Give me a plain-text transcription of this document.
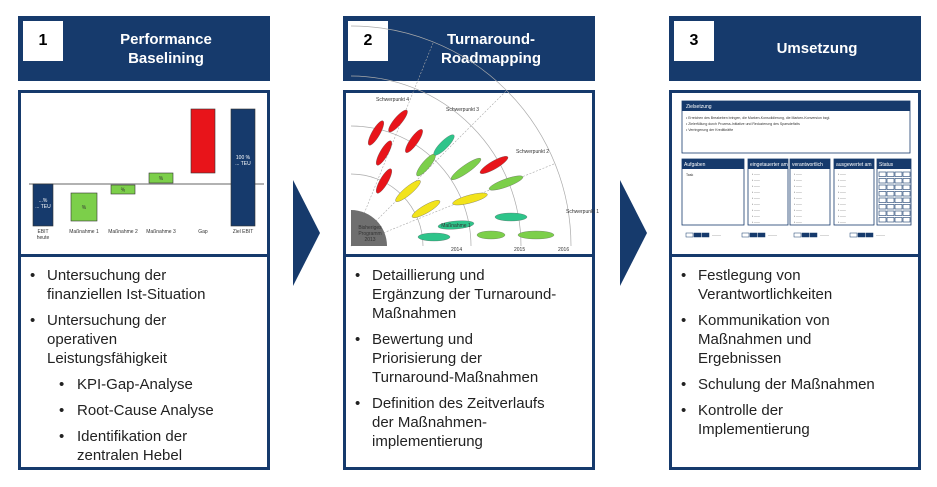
1	Performance
Baselining
...% ... TEU
EBIT heute
%
Maßnahme 1
%
Maßnahme 2
%
Maßnahme 3	Gap
100 % ... TEU
Ziel EBIT
• Untersuchung der
finanziellen Ist-Situation
• Untersuchung der
operativen
Leistungsfähigkeit
• KPI-Gap-Analyse
• Root-Cause Analyse
• Identifikation der
zentralen Hebel
2	Turnaround-
Roadmapping
Bisheriges Programm 2013
Schwerpunkt 4
Schwerpunkt 3
Schwerpunkt 2
Schwerpunkt 1
2014	2015	2016
Maßnahme 1
• Detaillierung und
Ergänzung der Turnaround-
Maßnahmen
• Bewertung und
Priorisierung der
Turnaround-Maßnahmen
• Definition des Zeitverlaufs
der Maßnahmen-
implementierung
3	Umsetzung
Zielsetzung
• Erreichen des Breakeben bringen, die Marken-Konsolidierung, die Marken-Konversion bzgl.
• Zielerfüllung durch Prozess-Initiative und Reduzierung des Sparsdefizits
• Verringerung der Kreditkräfte
Aufgaben	eingetauerter am
• ——
• ——
• ——
• ——
• ——
• ——
• ——
• ——
• ——
verantwortlich
• ——
• ——
• ——
• ——
• ——
• ——
• ——
• ——
• ——
ausgewertet am
• ——
• ——
• ——
• ——
• ——
• ——
• ——
• ——
• ——
Status
Task
———	———	———	———
• Festlegung von
Verantwortlichkeiten
• Kommunikation von
Maßnahmen und
Ergebnissen
• Schulung der Maßnahmen
• Kontrolle der
Implementierung
